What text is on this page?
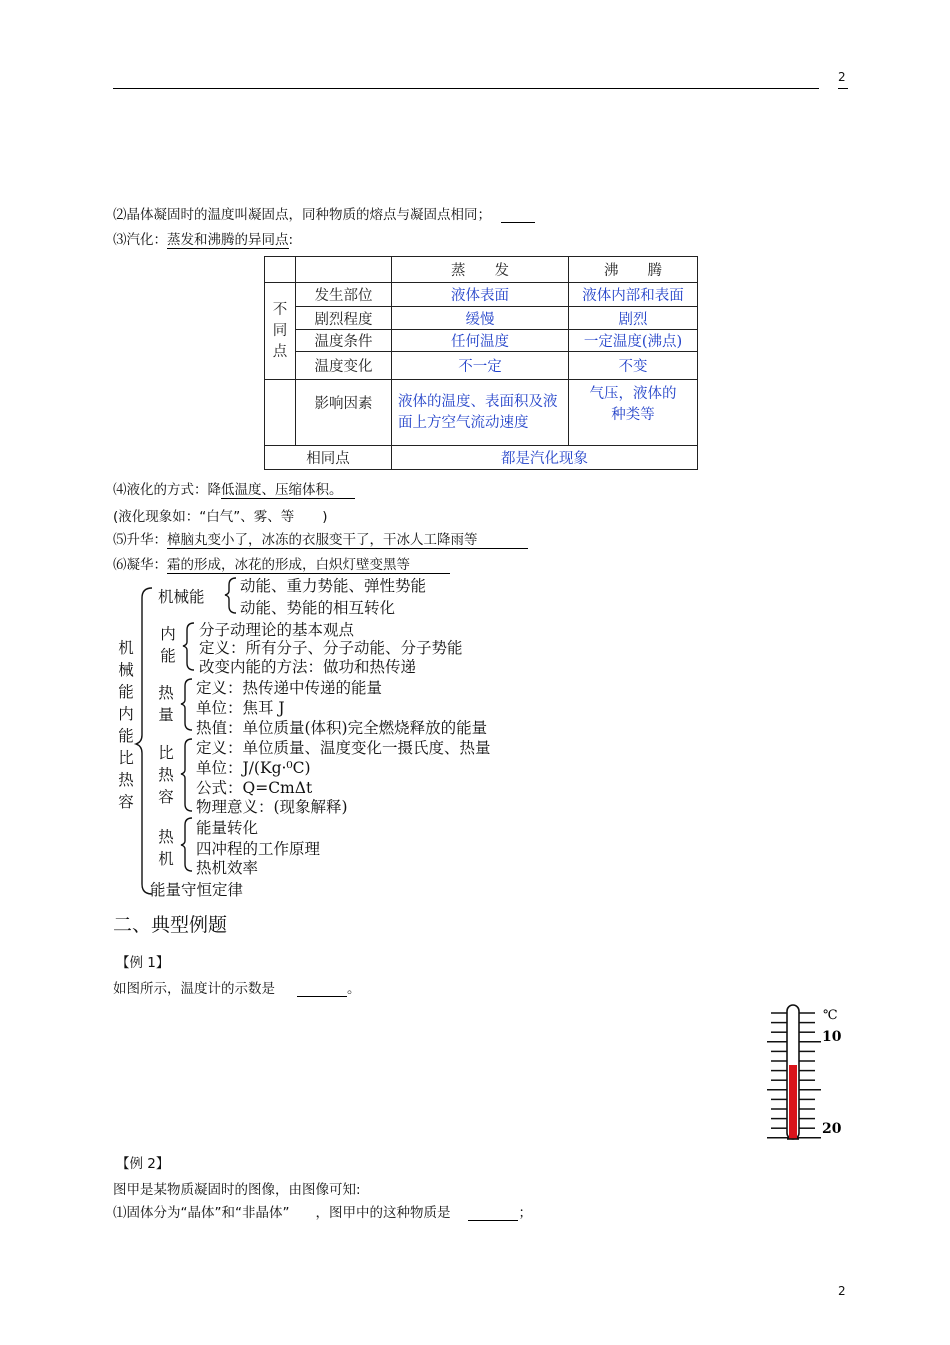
2
⑵晶体凝固时的温度叫凝固点，同种物质的熔点与凝固点相同；
⑶汽化：蒸发和沸腾的异同点:
		蒸　　发	沸　　腾

不同点	发生部位	液体表面	液体内部和表面
	剧烈程度	缓慢	剧烈
	温度条件	任何温度	一定温度(沸点)
	温度变化	不一定	不变
	影响因素	液体的温度、表面积及液面上方空气流动速度	气压，液体的种类等
相同点		都是汽化现象	
⑷液化的方式：降低温度、压缩体积。
(液化现象如：“白气”、雾、等 )
⑸升华：樟脑丸变小了，冰冻的衣服变干了，干冰人工降雨等
⑹凝华：霜的形成，冰花的形成，白炽灯壁变黑等
机械能内能比热容
机械能
动能、重力势能、弹性势能
动能、势能的相互转化
内能
分子动理论的基本观点
定义：所有分子、分子动能、分子势能
改变内能的方法：做功和热传递
热量
定义：热传递中传递的能量
单位：焦耳 J
热值：单位质量(体积)完全燃烧释放的能量
比热容
定义：单位质量、温度变化一摄氏度、热量
单位：J/(Kg·⁰C)
公式：Q=CmΔt
物理意义：(现象解释)
热机
能量转化
四冲程的工作原理
热机效率
能量守恒定律
二、典型例题
【例 1】
如图所示，温度计的示数是	。
℃
10
20
【例 2】
图甲是某物质凝固时的图像，由图像可知:
⑴固体分为“晶体”和“非晶体” ，图甲中的这种物质是	；
2
